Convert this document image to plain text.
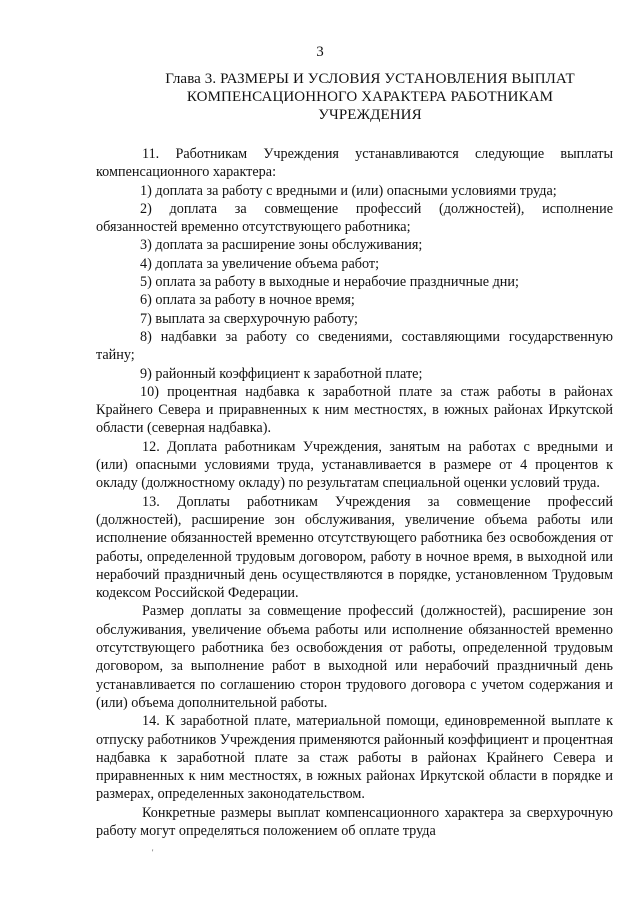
3
Глава 3. РАЗМЕРЫ И УСЛОВИЯ УСТАНОВЛЕНИЯ ВЫПЛАТ
КОМПЕНСАЦИОННОГО ХАРАКТЕРА РАБОТНИКАМ
УЧРЕЖДЕНИЯ

11. Работникам Учреждения устанавливаются следующие выплаты компенсационного характера:

1) доплата за работу с вредными и (или) опасными условиями труда;

2) доплата за совмещение профессий (должностей), исполнение обязанностей временно отсутствующего работника;

3) доплата за расширение зоны обслуживания;

4) доплата за увеличение объема работ;

5) оплата за работу в выходные и нерабочие праздничные дни;

6) оплата за работу в ночное время;

7) выплата за сверхурочную работу;

8) надбавки за работу со сведениями, составляющими государственную тайну;

9) районный коэффициент к заработной плате;

10) процентная надбавка к заработной плате за стаж работы в районах Крайнего Севера и приравненных к ним местностях, в южных районах Иркутской области (северная надбавка).

12. Доплата работникам Учреждения, занятым на работах с вредными и (или) опасными условиями труда, устанавливается в размере от 4 процентов к окладу (должностному окладу) по результатам специальной оценки условий труда.

13. Доплаты работникам Учреждения за совмещение профессий (должностей), расширение зон обслуживания, увеличение объема работы или исполнение обязанностей временно отсутствующего работника без освобождения от работы, определенной трудовым договором, работу в ночное время, в выходной или нерабочий праздничный день осуществляются в порядке, установленном Трудовым кодексом Российской Федерации.

Размер доплаты за совмещение профессий (должностей), расширение зон обслуживания, увеличение объема работы или исполнение обязанностей временно отсутствующего работника без освобождения от работы, определенной трудовым договором, за выполнение работ в выходной или нерабочий праздничный день устанавливается по соглашению сторон трудового договора с учетом содержания и (или) объема дополнительной работы.

14. К заработной плате, материальной помощи, единовременной выплате к отпуску работников Учреждения применяются районный коэффициент и процентная надбавка к заработной плате за стаж работы в районах Крайнего Севера и приравненных к ним местностях, в южных районах Иркутской области в порядке и размерах, определенных законодательством.

Конкретные размеры выплат компенсационного характера за сверхурочную работу могут определяться положением об оплате труда

'
